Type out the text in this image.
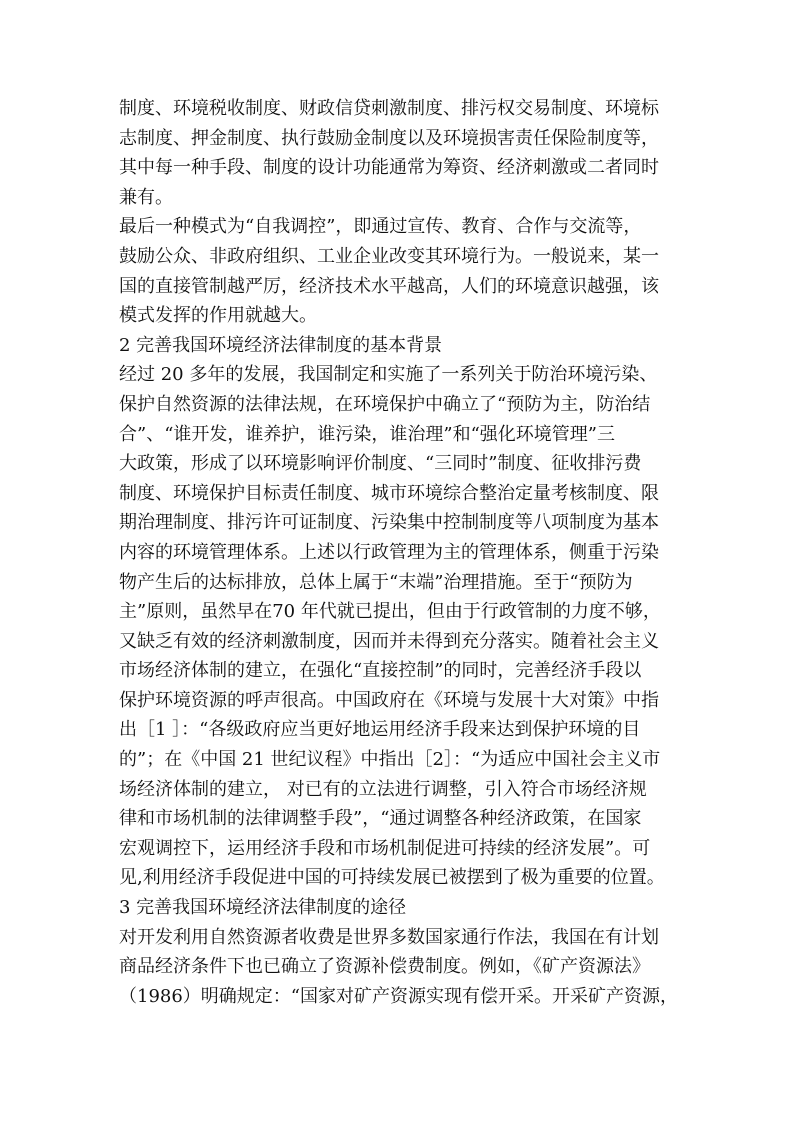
制度、环境税收制度、财政信贷刺激制度、排污权交易制度、环境标
志制度、押金制度、执行鼓励金制度以及环境损害责任保险制度等，
其中每一种手段、制度的设计功能通常为筹资、经济刺激或二者同时
兼有。
最后一种模式为“自我调控”，即通过宣传、教育、合作与交流等，
鼓励公众、非政府组织、工业企业改变其环境行为。一般说来，某一
国的直接管制越严厉，经济技术水平越高，人们的环境意识越强，该
模式发挥的作用就越大。
2 完善我国环境经济法律制度的基本背景
经过 20 多年的发展，我国制定和实施了一系列关于防治环境污染、
保护自然资源的法律法规，在环境保护中确立了“预防为主，防治结
合”、“谁开发，谁养护，谁污染，谁治理”和“强化环境管理”三
大政策，形成了以环境影响评价制度、“三同时”制度、征收排污费
制度、环境保护目标责任制度、城市环境综合整治定量考核制度、限
期治理制度、排污许可证制度、污染集中控制制度等八项制度为基本
内容的环境管理体系。上述以行政管理为主的管理体系，侧重于污染
物产生后的达标排放，总体上属于“末端”治理措施。至于“预防为
主”原则，虽然早在70 年代就已提出，但由于行政管制的力度不够，
又缺乏有效的经济刺激制度，因而并未得到充分落实。随着社会主义
市场经济体制的建立，在强化“直接控制”的同时，完善经济手段以
保护环境资源的呼声很高。中国政府在《环境与发展十大对策》中指
出［1 ］：“各级政府应当更好地运用经济手段来达到保护环境的目
的”；在《中国 21 世纪议程》中指出［2］：“为适应中国社会主义市
场经济体制的建立， 对已有的立法进行调整，引入符合市场经济规
律和市场机制的法律调整手段”，“通过调整各种经济政策，在国家
宏观调控下，运用经济手段和市场机制促进可持续的经济发展”。可
见,利用经济手段促进中国的可持续发展已被摆到了极为重要的位置。
3 完善我国环境经济法律制度的途径
对开发利用自然资源者收费是世界多数国家通行作法，我国在有计划
商品经济条件下也已确立了资源补偿费制度。例如，《矿产资源法》
（1986）明确规定：“国家对矿产资源实现有偿开采。开采矿产资源，
